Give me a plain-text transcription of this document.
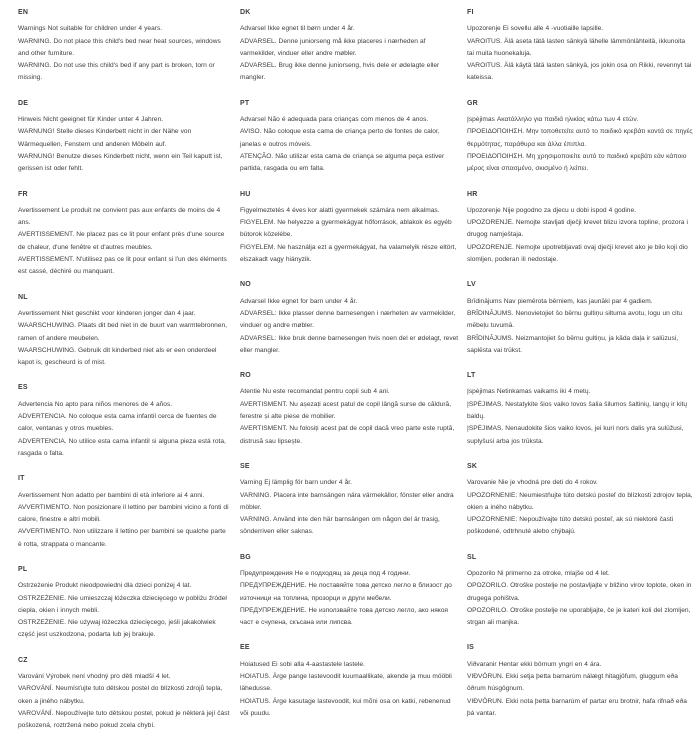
EN

Warnings Not suitable for children under 4 years.

WARNING. Do not place this child's bed near heat sources, windows and other furniture.

WARNING. Do not use this child's bed if any part is broken, torn or missing.

DE

Hinweis Nicht geeignet für Kinder unter 4 Jahren.

WARNUNG! Stelle dieses Kinderbett nicht in der Nähe von Wärmequellen, Fenstern und anderen Möbeln auf.

WARNUNG! Benutze dieses Kinderbett nicht, wenn ein Teil kaputt ist, gerissen ist oder fehlt.

FR

Avertissement Le produit ne convient pas aux enfants de moins de 4 ans.

AVERTISSEMENT. Ne placez pas ce lit pour enfant près d'une source de chaleur, d'une fenêtre et d'autres meubles.

AVERTISSEMENT. N'utilisez pas ce lit pour enfant si l'un des éléments est cassé, déchiré ou manquant.

NL

Avertissement Niet geschikt voor kinderen jonger dan 4 jaar.

WAARSCHUWING. Plaats dit bed niet in de buurt van warmtebronnen, ramen of andere meubelen.

WAARSCHUWING. Gebruik dit kinderbed niet als er een onderdeel kapot is, gescheurd is of mist.

ES

Advertencia No apto para niños menores de 4 años.

ADVERTENCIA. No coloque esta cama infantil cerca de fuentes de calor, ventanas y otros muebles.

ADVERTENCIA. No utilice esta cama infantil si alguna pieza está rota, rasgada o falta.

IT

Avertissement Non adatto per bambini di età inferiore ai 4 anni.

AVVERTIMENTO. Non posizionare il lettino per bambini vicino a fonti di calore, finestre e altri mobili.

AVVERTIMENTO. Non utilizzare il lettino per bambini se qualche parte è rotta, strappata o mancante.

PL

Ostrzeżenie Produkt nieodpowiedni dla dzieci poniżej 4 lat.

OSTRZEŻENIE. Nie umieszczaj łóżeczka dziecięcego w pobliżu źródeł ciepła, okien i innych mebli.

OSTRZEŻENIE. Nie używaj łóżeczka dziecięcego, jeśli jakakolwiek część jest uszkodzona, podarta lub jej brakuje.

CZ

Varování Výrobek není vhodný pro děti mladší 4 let.

VAROVÁNÍ. Neumísťujte tuto dětskou postel do blízkosti zdrojů tepla, oken a jiného nábytku.

VAROVÁNÍ. Nepoužívejte tuto dětskou postel, pokud je některá její část poškozená, roztržená nebo pokud zcela chybí.

DK

Advarsel Ikke egnet til børn under 4 år.

ADVARSEL. Denne juniorseng må ikke placeres i nærheden af varmekilder, vinduer eller andre møbler.

ADVARSEL. Brug ikke denne juniorseng, hvis dele er ødelagte eller mangler.

PT

Advarsel Não é adequada para crianças com menos de 4 anos.

AVISO. Não coloque esta cama de criança perto de fontes de calor, janelas e outros móveis.

ATENÇÃO. Não utilizar esta cama de criança se alguma peça estiver partida, rasgada ou em falta.

HU

Figyelmeztetés 4 éves kor alatti gyermekek számára nem alkalmas.

FIGYELEM. Ne helyezze a gyermekágyat hőforrások, ablakok és egyéb bútorok közelébe.

FIGYELEM. Ne használja ezt a gyermekágyat, ha valamelyik része eltört, elszakadt vagy hiányzik.

NO

Advarsel Ikke egnet for barn under 4 år.

ADVARSEL: Ikke plasser denne barnesengen i nærheten av varmekilder, vinduer og andre møbler.

ADVARSEL: Ikke bruk denne barnesengen hvis noen del er ødelagt, revet eller mangler.

RO

Atentie Nu este recomandat pentru copii sub 4 ani.

AVERTISMENT. Nu așezați acest patul de copil lângă surse de căldură, ferestre și alte piese de mobilier.

AVERTISMENT. Nu folosiți acest pat de copil dacă vreo parte este ruptă, distrusă sau lipsește.

SE

Varning Ej lämplig för barn under 4 år.

VARNING. Placera inte barnsängen nära värmekällor, fönster eller andra möbler.

VARNING. Använd inte den här barnsängen om någon del är trasig, sönderriven eller saknas.

BG

Предупреждения Не е подходящ за деца под 4 години.

ПРЕДУПРЕЖДЕНИЕ. Не поставяйте това детско легло в близост до източници на топлина, прозорци и други мебели.

ПРЕДУПРЕЖДЕНИЕ. Не използвайте това детско легло, ако някоя част е счупена, скъсана или липсва.

EE

Hoiatused Ei sobi alla 4-aastastele lastele.

HOIATUS. Ärge pange lastevoodit kuumaallikate, akende ja muu mööbli lähedusse.

HOIATUS. Ärge kasutage lastevoodit, kui mõni osa on katki, rebenenud või puudu.

FI

Upozorenje Ei sovellu alle 4 -vuotiaille lapsille.

VAROITUS. Älä aseta tätä lasten sänkyä lähelle lämmönlähteitä, ikkunoita tai muita huonekaluja.

VAROITUS. Älä käytä tätä lasten sänkyä, jos jokin osa on Rikki, revennyt tai kateissa.

GR

Įspėjimas Ακατάλληλο για παιδιά ηλικίας κάτω των 4 ετών.

ΠΡΟΕΙΔΟΠΟΙΗΣΗ. Μην τοποθετείτε αυτό το παιδικό κρεβάτι κοντά σε πηγές θερμότητας, παράθυρα και άλλα έπιπλα.

ΠΡΟΕΙΔΟΠΟΙΗΣΗ. Μη χρησιμοποιείτε αυτό το παιδικό κρεβάτι εάν κάποιο μέρος είναι σπασμένο, σκισμένο ή λείπει.

HR

Upozorenje Nije pogodno za djecu u dobi ispod 4 godine.

UPOZORENJE. Nemojte stavljati dječji krevet blizu izvora topline, prozora i drugog namještaja.

UPOZORENJE. Nemojte upotrebljavati ovaj dječji krevet ako je bilo koji dio slomljen, poderan ili nedostaje.

LV

Brīdinājums Nav piemērota bērniem, kas jaunāki par 4 gadiem.

BRĪDINĀJUMS. Nenovietojiet šo bērnu gultiņu siltuma avotu, logu un citu mēbeļu tuvumā.

BRĪDINĀJUMS. Neizmantojiet šo bērnu gultiņu, ja kāda daļa ir salūzusi, saplēsta vai trūkst.

LT

Įspėjimas Netinkamas vaikams iki 4 metų.

ĮSPĖJIMAS. Nestatykite šios vaiko lovos šalia šilumos šaltinių, langų ir kitų baldų.

ĮSPĖJIMAS. Nenaudokite šios vaiko lovos, jei kuri nors dalis yra sulūžusi, suplyšusi arba jos trūksta.

SK

Varovanie Nie je vhodná pre deti do 4 rokov.

UPOZORNENIE: Neumiestňujte túto detskú posteľ do blízkosti zdrojov tepla, okien a iného nábytku.

UPOZORNENIE: Nepoužívajte túto detskú posteľ, ak sú niektoré časti poškodené, odtrhnuté alebo chýbajú.

SL

Opozorilo Ni primerno za otroke, mlajše od 4 let.

OPOZORILO. Otroške postelje ne postavljajte v bližino virov toplote, oken in drugega pohištva.

OPOZORILO. Otroške postelje ne uporabljajte, če je kateri koli del zlomljen, strgan ali manjka.

IS

Viðvaranir Hentar ekki börnum yngri en 4 ára.

VIÐVÖRUN. Ekki setja þetta barnarúm nálægt hitagjöfum, gluggum eða öðrum húsgögnum.

VIÐVÖRUN. Ekki nota þetta barnarúm ef partar eru brotnir, hafa rifnað eða þá vantar.
